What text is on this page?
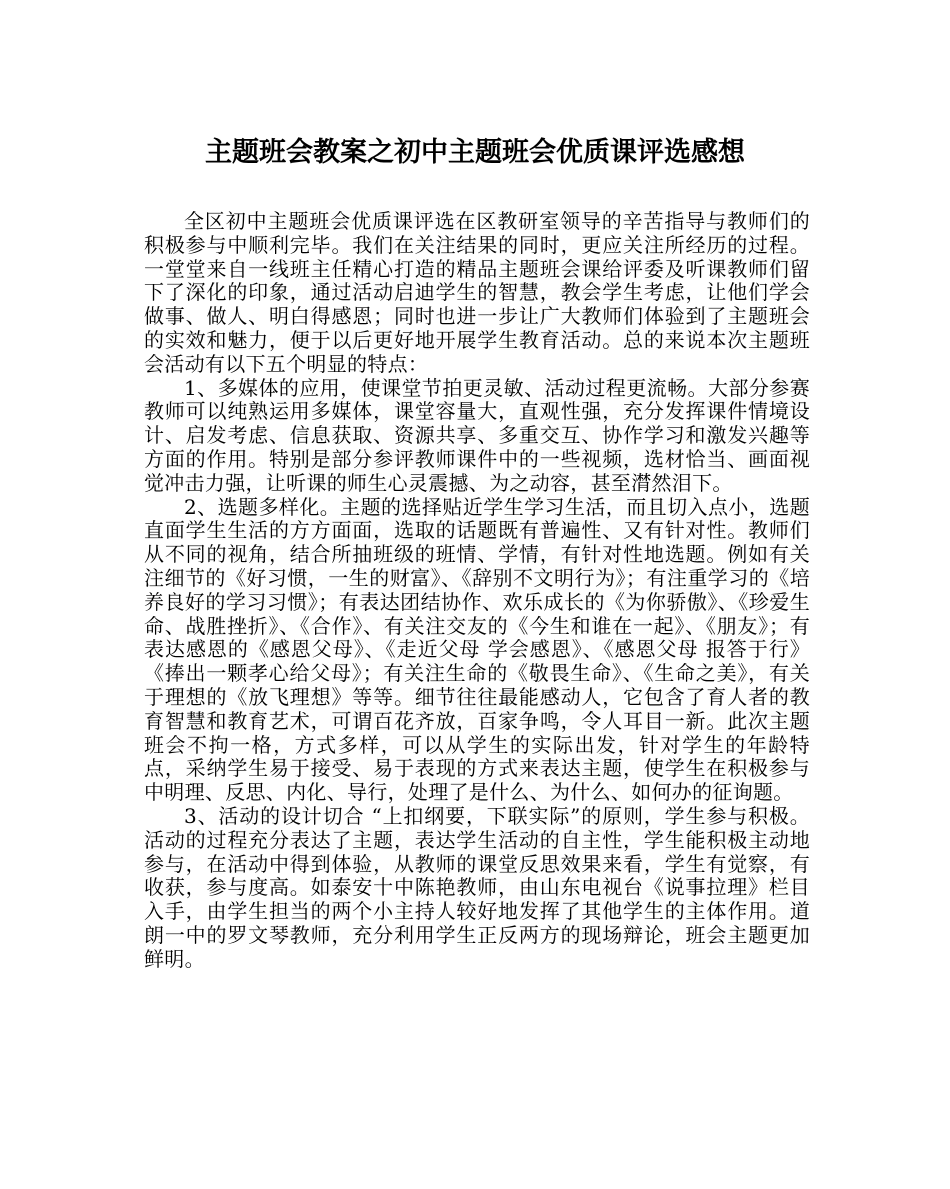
主题班会教案之初中主题班会优质课评选感想

全区初中主题班会优质课评选在区教研室领导的辛苦指导与教师们的积极参与中顺利完毕。我们在关注结果的同时，更应关注所经历的过程。一堂堂来自一线班主任精心打造的精品主题班会课给评委及听课教师们留下了深化的印象，通过活动启迪学生的智慧，教会学生考虑，让他们学会做事、做人、明白得感恩；同时也进一步让广大教师们体验到了主题班会的实效和魅力，便于以后更好地开展学生教育活动。总的来说本次主题班会活动有以下五个明显的特点：

1、多媒体的应用，使课堂节拍更灵敏、活动过程更流畅。大部分参赛教师可以纯熟运用多媒体，课堂容量大，直观性强，充分发挥课件情境设计、启发考虑、信息获取、资源共享、多重交互、协作学习和激发兴趣等方面的作用。特别是部分参评教师课件中的一些视频，选材恰当、画面视觉冲击力强，让听课的师生心灵震撼、为之动容，甚至潸然泪下。

2、选题多样化。主题的选择贴近学生学习生活，而且切入点小，选题直面学生生活的方方面面，选取的话题既有普遍性、又有针对性。教师们从不同的视角，结合所抽班级的班情、学情，有针对性地选题。例如有关注细节的《好习惯，一生的财富》、《辞别不文明行为》；有注重学习的《培养良好的学习习惯》；有表达团结协作、欢乐成长的《为你骄傲》、《珍爱生命、战胜挫折》、《合作》、有关注交友的《今生和谁在一起》、《朋友》；有表达感恩的《感恩父母》、《走近父母 学会感恩》、《感恩父母 报答于行》《捧出一颗孝心给父母》；有关注生命的《敬畏生命》、《生命之美》，有关于理想的《放飞理想》等等。细节往往最能感动人，它包含了育人者的教育智慧和教育艺术，可谓百花齐放，百家争鸣，令人耳目一新。此次主题班会不拘一格，方式多样，可以从学生的实际出发，针对学生的年龄特点，采纳学生易于接受、易于表现的方式来表达主题，使学生在积极参与中明理、反思、内化、导行，处理了是什么、为什么、如何办的征询题。

3、活动的设计切合 “上扣纲要，下联实际”的原则，学生参与积极。活动的过程充分表达了主题，表达学生活动的自主性，学生能积极主动地参与，在活动中得到体验，从教师的课堂反思效果来看，学生有觉察，有收获，参与度高。如泰安十中陈艳教师，由山东电视台《说事拉理》栏目入手，由学生担当的两个小主持人较好地发挥了其他学生的主体作用。道朗一中的罗文琴教师，充分利用学生正反两方的现场辩论，班会主题更加鲜明。
